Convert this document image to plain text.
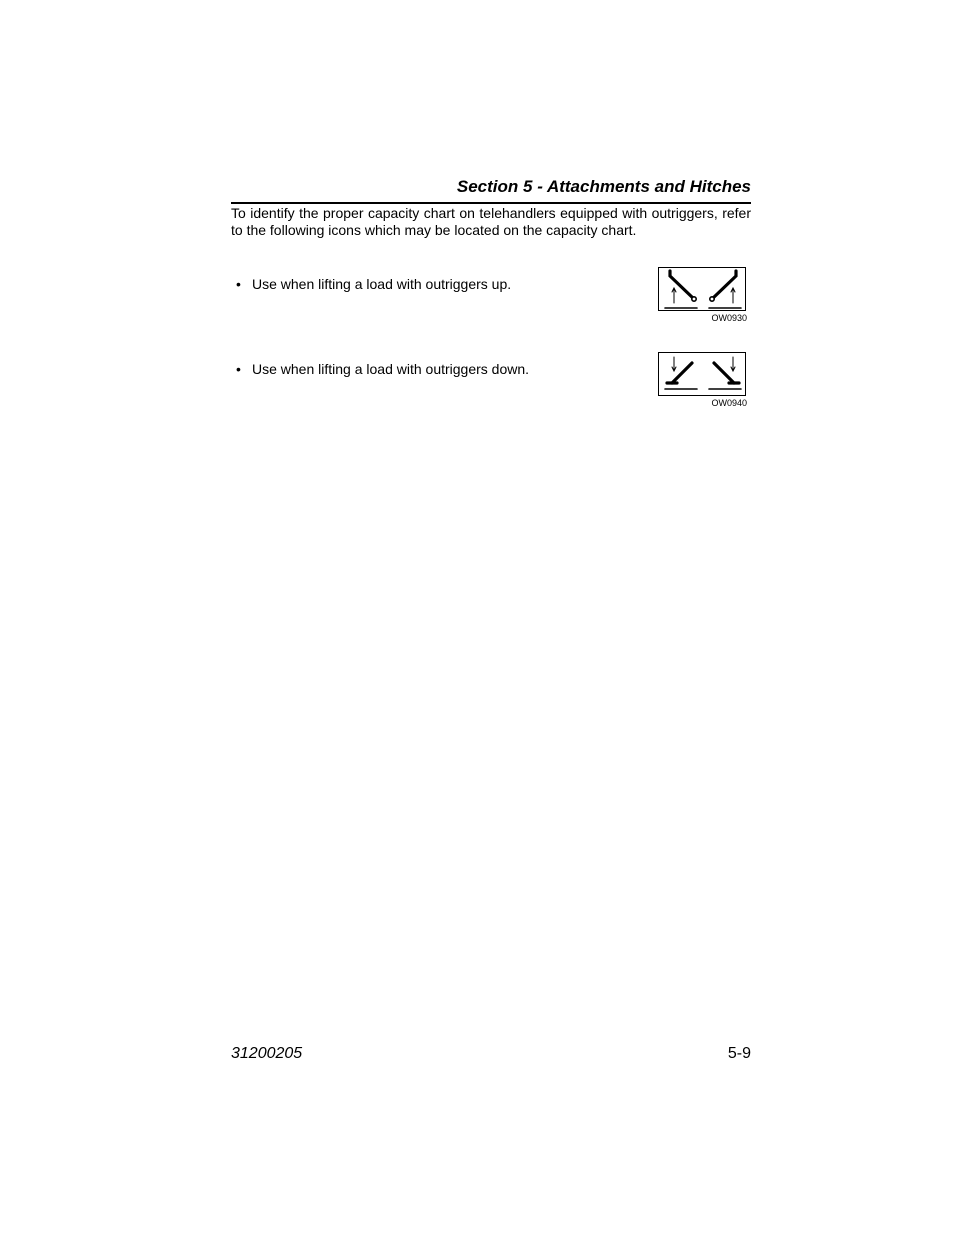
Section 5 - Attachments and Hitches

To identify the proper capacity chart on telehandlers equipped with outriggers, refer to the following icons which may be located on the capacity chart.

• Use when lifting a load with outriggers up.
OW0930
• Use when lifting a load with outriggers down.
OW0940
31200205	5-9
